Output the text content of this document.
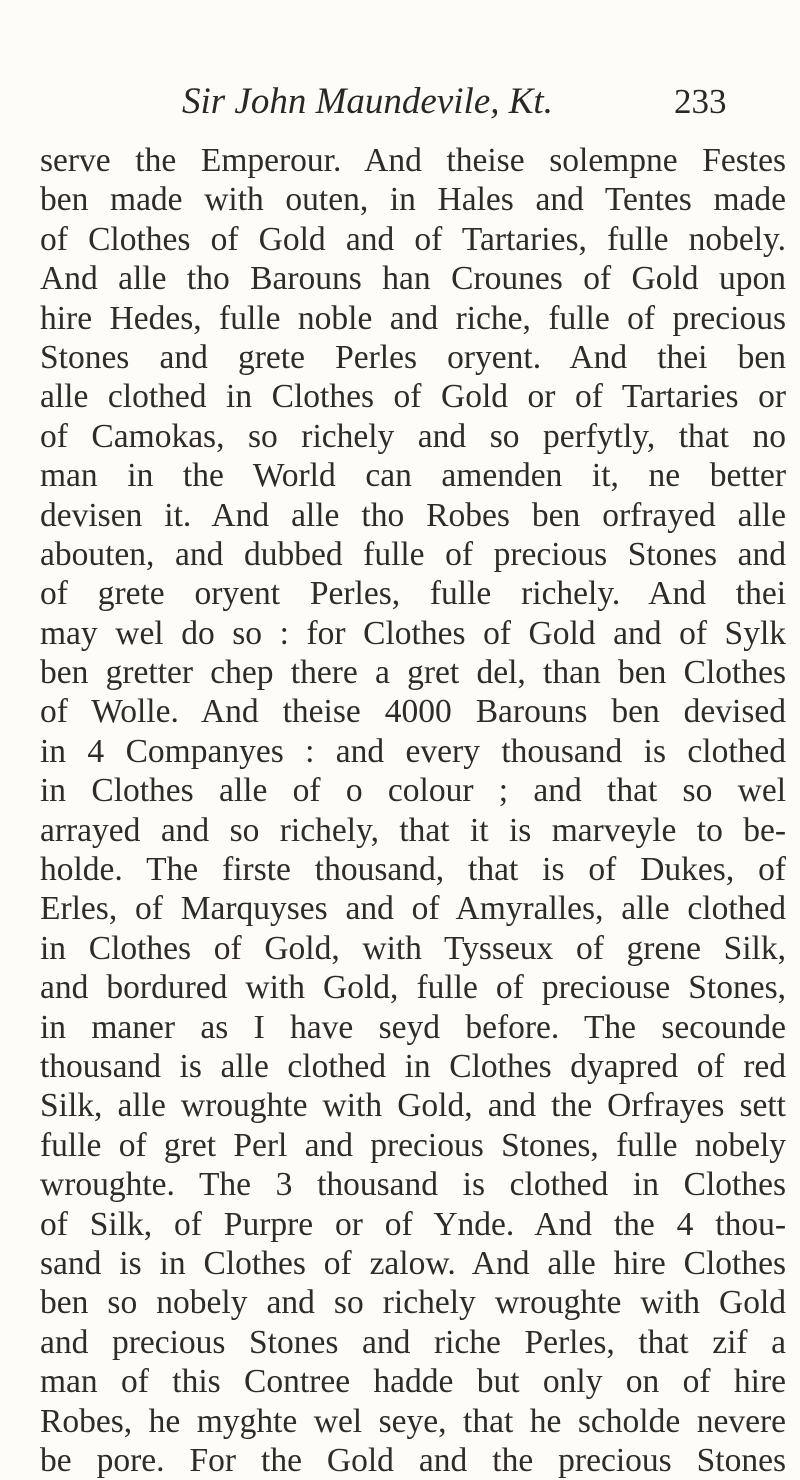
Sir John Maundevile, Kt.	233
serve the Emperour. And theise solempne Festes
ben made with outen, in Hales and Tentes made
of Clothes of Gold and of Tartaries, fulle nobely.
And alle tho Barouns han Crounes of Gold upon
hire Hedes, fulle noble and riche, fulle of precious
Stones and grete Perles oryent. And thei ben
alle clothed in Clothes of Gold or of Tartaries or
of Camokas, so richely and so perfytly, that no
man in the World can amenden it, ne better
devisen it. And alle tho Robes ben orfrayed alle
abouten, and dubbed fulle of precious Stones and
of grete oryent Perles, fulle richely. And thei
may wel do so : for Clothes of Gold and of Sylk
ben gretter chep there a gret del, than ben Clothes
of Wolle. And theise 4000 Barouns ben devised
in 4 Companyes : and every thousand is clothed
in Clothes alle of o colour ; and that so wel
arrayed and so richely, that it is marveyle to be-
holde. The firste thousand, that is of Dukes, of
Erles, of Marquyses and of Amyralles, alle clothed
in Clothes of Gold, with Tysseux of grene Silk,
and bordured with Gold, fulle of preciouse Stones,
in maner as I have seyd before. The secounde
thousand is alle clothed in Clothes dyapred of red
Silk, alle wroughte with Gold, and the Orfrayes sett
fulle of gret Perl and precious Stones, fulle nobely
wroughte. The 3 thousand is clothed in Clothes
of Silk, of Purpre or of Ynde. And the 4 thou-
sand is in Clothes of zalow. And alle hire Clothes
ben so nobely and so richely wroughte with Gold
and precious Stones and riche Perles, that zif a
man of this Contree hadde but only on of hire
Robes, he myghte wel seye, that he scholde nevere
be pore. For the Gold and the precious Stones
